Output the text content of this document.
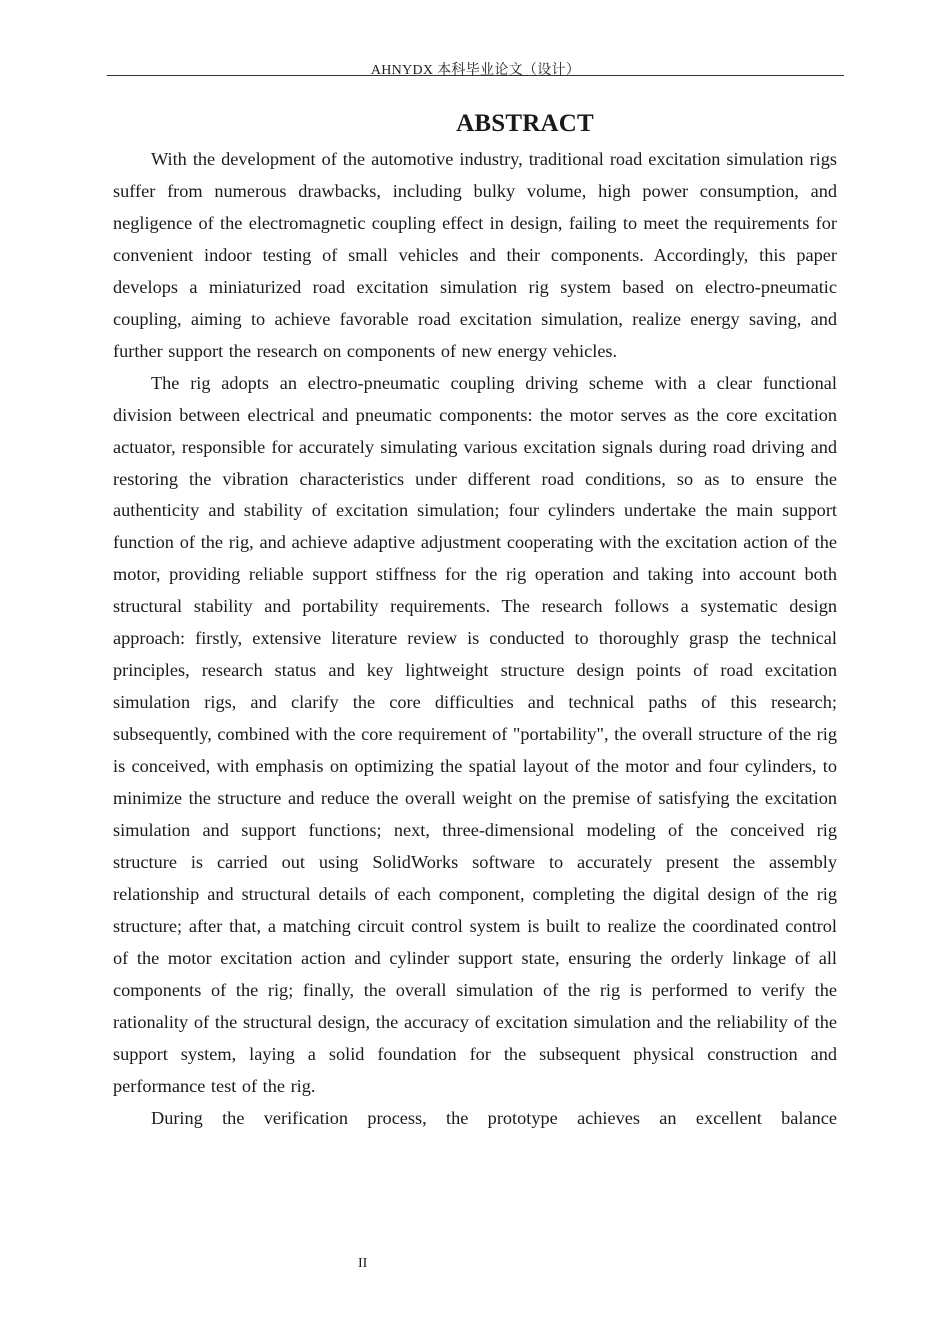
AHNYDX 本科毕业论文（设计）
ABSTRACT

With the development of the automotive industry, traditional road excitation simulation rigs suffer from numerous drawbacks, including bulky volume, high power consumption, and negligence of the electromagnetic coupling effect in design, failing to meet the requirements for convenient indoor testing of small vehicles and their components. Accordingly, this paper develops a miniaturized road excitation simulation rig system based on electro-pneumatic coupling, aiming to achieve favorable road excitation simulation, realize energy saving, and further support the research on components of new energy vehicles.

The rig adopts an electro-pneumatic coupling driving scheme with a clear functional division between electrical and pneumatic components: the motor serves as the core excitation actuator, responsible for accurately simulating various excitation signals during road driving and restoring the vibration characteristics under different road conditions, so as to ensure the authenticity and stability of excitation simulation; four cylinders undertake the main support function of the rig, and achieve adaptive adjustment cooperating with the excitation action of the motor, providing reliable support stiffness for the rig operation and taking into account both structural stability and portability requirements. The research follows a systematic design approach: firstly, extensive literature review is conducted to thoroughly grasp the technical principles, research status and key lightweight structure design points of road excitation simulation rigs, and clarify the core difficulties and technical paths of this research; subsequently, combined with the core requirement of "portability", the overall structure of the rig is conceived, with emphasis on optimizing the spatial layout of the motor and four cylinders, to minimize the structure and reduce the overall weight on the premise of satisfying the excitation simulation and support functions; next, three-dimensional modeling of the conceived rig structure is carried out using SolidWorks software to accurately present the assembly relationship and structural details of each component, completing the digital design of the rig structure; after that, a matching circuit control system is built to realize the coordinated control of the motor excitation action and cylinder support state, ensuring the orderly linkage of all components of the rig; finally, the overall simulation of the rig is performed to verify the rationality of the structural design, the accuracy of excitation simulation and the reliability of the support system, laying a solid foundation for the subsequent physical construction and performance test of the rig.

During the verification process, the prototype achieves an excellent balance

II
